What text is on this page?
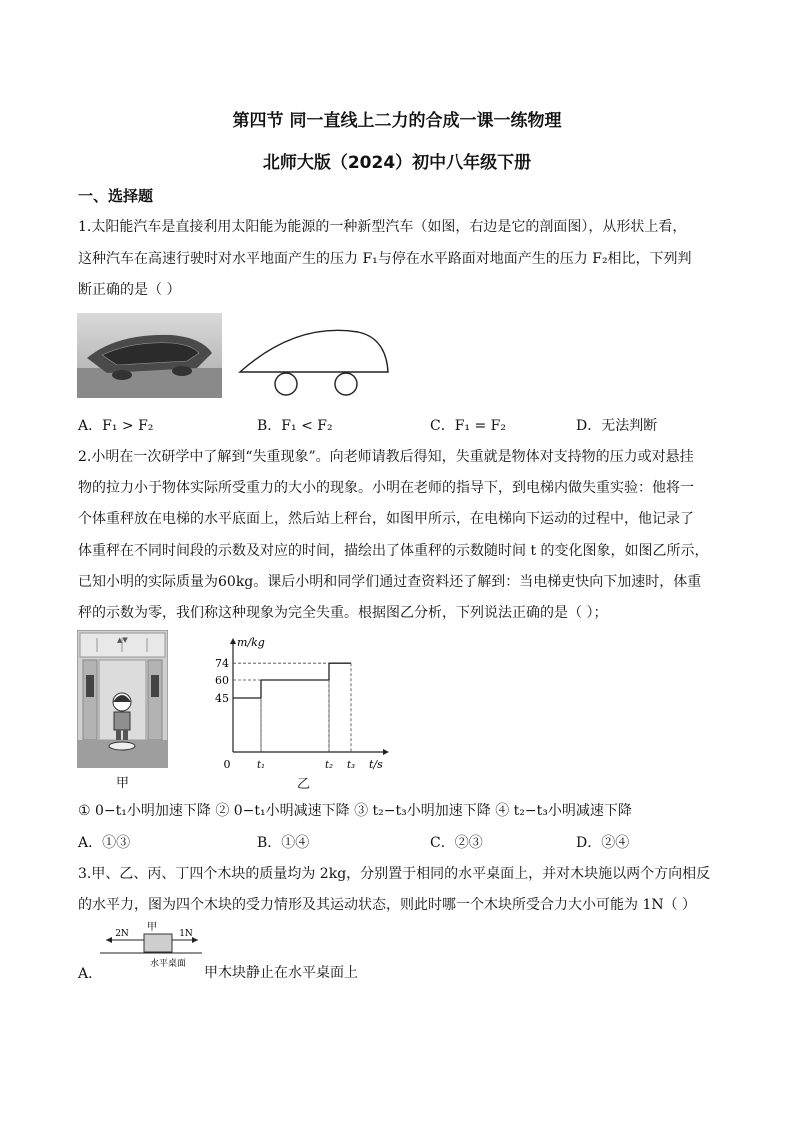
第四节 同一直线上二力的合成一课一练物理
北师大版（2024）初中八年级下册
一、选择题
1.太阳能汽车是直接利用太阳能为能源的一种新型汽车（如图，右边是它的剖面图），从形状上看，
这种汽车在高速行驶时对水平地面产生的压力 F₁与停在水平路面对地面产生的压力 F₂相比，下列判
断正确的是（ ）
A．F₁ > F₂	B．F₁ < F₂	C．F₁ = F₂	D．无法判断
2.小明在一次研学中了解到“失重现象”。向老师请教后得知，失重就是物体对支持物的压力或对悬挂
物的拉力小于物体实际所受重力的大小的现象。小明在老师的指导下，到电梯内做失重实验：他将一
个体重秤放在电梯的水平底面上，然后站上秤台，如图甲所示，在电梯向下运动的过程中，他记录了
体重秤在不同时间段的示数及对应的时间，描绘出了体重秤的示数随时间 t 的变化图象，如图乙所示，
已知小明的实际质量为60kg。课后小明和同学们通过查资料还了解到：当电梯吏快向下加速时，体重
秤的示数为零，我们称这种现象为完全失重。根据图乙分析，下列说法正确的是（ ）；
▲▼
甲
m/kg
t/s
0
45
60
74
t₁	t₂ t₃
乙
① 0−t₁小明加速下降 ② 0−t₁小明减速下降 ③ t₂−t₃小明加速下降 ④ t₂−t₃小明减速下降
A．①③	B．①④	C．②③	D．②④
3.甲、乙、丙、丁四个木块的质量均为 2kg，分别置于相同的水平桌面上，并对木块施以两个方向相反
的水平力，图为四个木块的受力情形及其运动状态，则此时哪一个木块所受合力大小可能为 1N（ ）
A．
甲
2N	1N
水平桌面
甲木块静止在水平桌面上
